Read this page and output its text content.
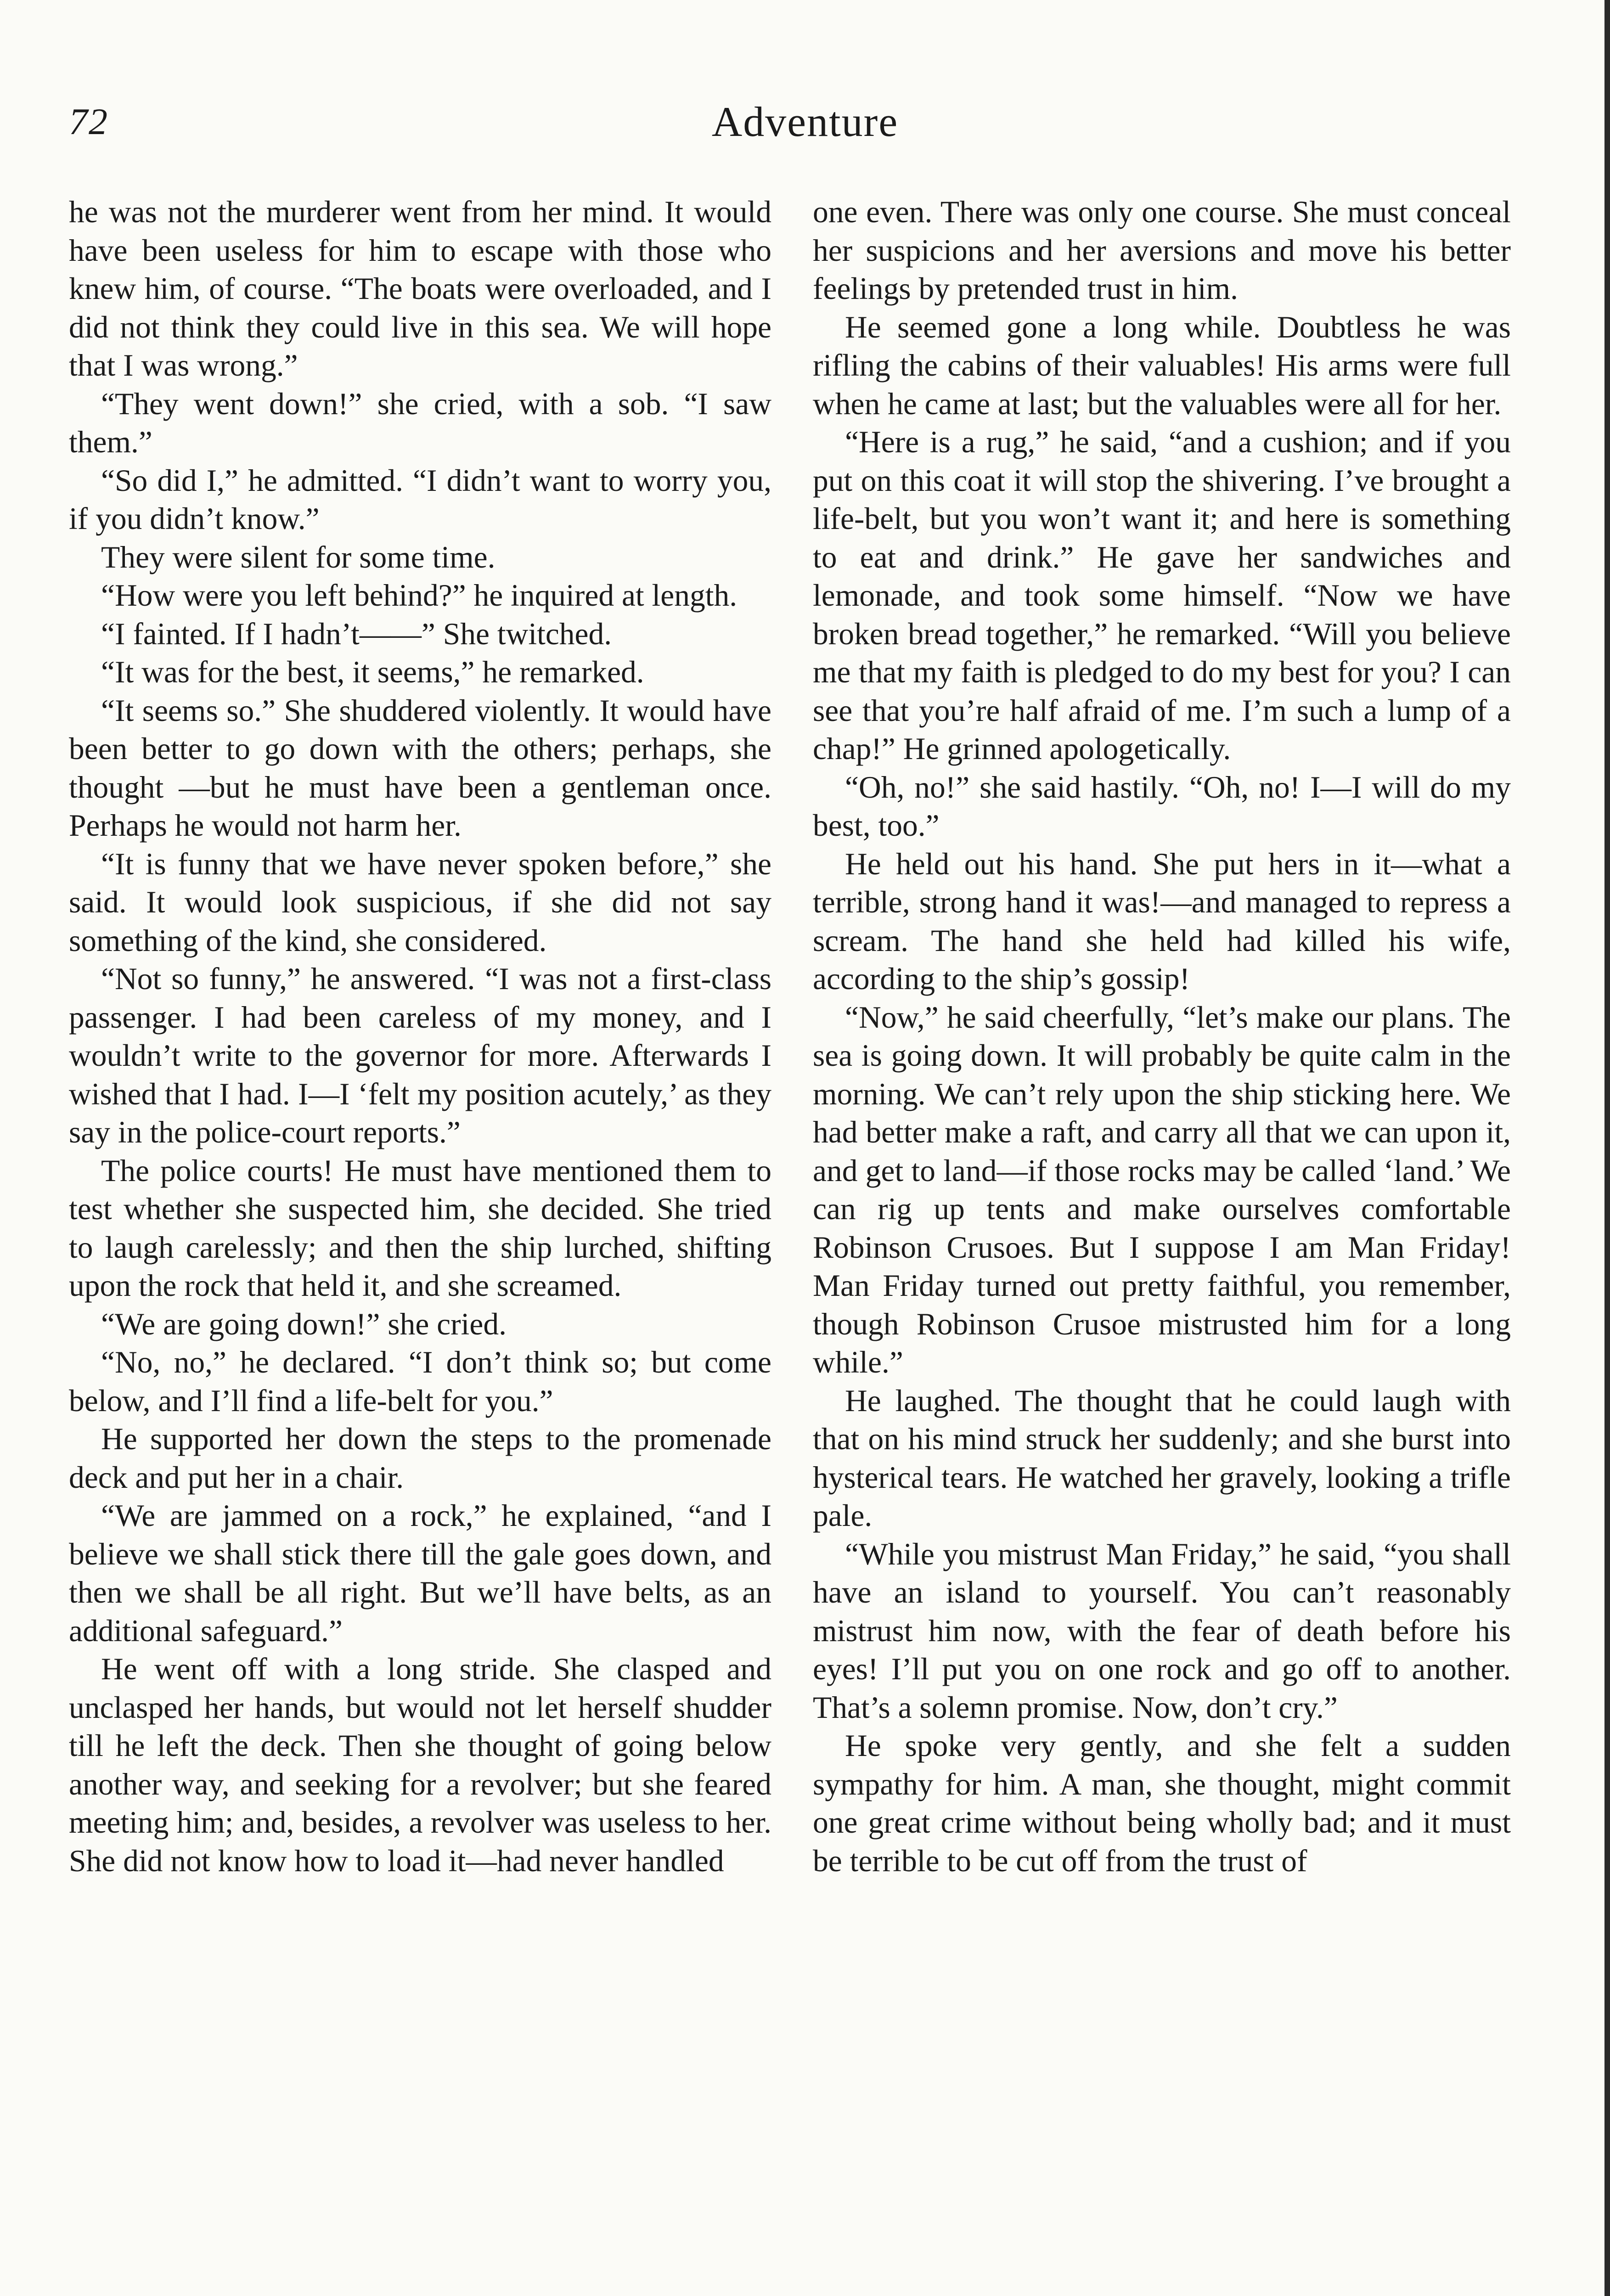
72	Adventure

he was not the murderer went from her mind. It would have been useless for him to escape with those who knew him, of course. “The boats were overloaded, and I did not think they could live in this sea. We will hope that I was wrong.”

“They went down!” she cried, with a sob. “I saw them.”

“So did I,” he admitted. “I didn’t want to worry you, if you didn’t know.”

They were silent for some time.

“How were you left behind?” he inquired at length.

“I fainted. If I hadn’t——” She twitched.

“It was for the best, it seems,” he remarked.

“It seems so.” She shuddered violently. It would have been better to go down with the others; perhaps, she thought —but he must have been a gentleman once. Perhaps he would not harm her.

“It is funny that we have never spoken before,” she said. It would look suspicious, if she did not say something of the kind, she considered.

“Not so funny,” he answered. “I was not a first-class passenger. I had been careless of my money, and I wouldn’t write to the governor for more. Afterwards I wished that I had. I—I ‘felt my position acutely,’ as they say in the police-court reports.”

The police courts! He must have mentioned them to test whether she suspected him, she decided. She tried to laugh carelessly; and then the ship lurched, shifting upon the rock that held it, and she screamed.

“We are going down!” she cried.

“No, no,” he declared. “I don’t think so; but come below, and I’ll find a life-belt for you.”

He supported her down the steps to the promenade deck and put her in a chair.

“We are jammed on a rock,” he explained, “and I believe we shall stick there till the gale goes down, and then we shall be all right. But we’ll have belts, as an additional safeguard.”

He went off with a long stride. She clasped and unclasped her hands, but would not let herself shudder till he left the deck. Then she thought of going below another way, and seeking for a revolver; but she feared meeting him; and, besides, a revolver was useless to her. She did not know how to load it—had never handled

one even. There was only one course. She must conceal her suspicions and her aversions and move his better feelings by pretended trust in him.

He seemed gone a long while. Doubtless he was rifling the cabins of their valuables! His arms were full when he came at last; but the valuables were all for her.

“Here is a rug,” he said, “and a cushion; and if you put on this coat it will stop the shivering. I’ve brought a life-belt, but you won’t want it; and here is something to eat and drink.” He gave her sandwiches and lemonade, and took some himself. “Now we have broken bread together,” he remarked. “Will you believe me that my faith is pledged to do my best for you? I can see that you’re half afraid of me. I’m such a lump of a chap!” He grinned apologetically.

“Oh, no!” she said hastily. “Oh, no! I—I will do my best, too.”

He held out his hand. She put hers in it—what a terrible, strong hand it was!—and managed to repress a scream. The hand she held had killed his wife, according to the ship’s gossip!

“Now,” he said cheerfully, “let’s make our plans. The sea is going down. It will probably be quite calm in the morning. We can’t rely upon the ship sticking here. We had better make a raft, and carry all that we can upon it, and get to land—if those rocks may be called ‘land.’ We can rig up tents and make ourselves comfortable Robinson Crusoes. But I suppose I am Man Friday! Man Friday turned out pretty faithful, you remember, though Robinson Crusoe mistrusted him for a long while.”

He laughed. The thought that he could laugh with that on his mind struck her suddenly; and she burst into hysterical tears. He watched her gravely, looking a trifle pale.

“While you mistrust Man Friday,” he said, “you shall have an island to yourself. You can’t reasonably mistrust him now, with the fear of death before his eyes! I’ll put you on one rock and go off to another. That’s a solemn promise. Now, don’t cry.”

He spoke very gently, and she felt a sudden sympathy for him. A man, she thought, might commit one great crime without being wholly bad; and it must be terrible to be cut off from the trust of
